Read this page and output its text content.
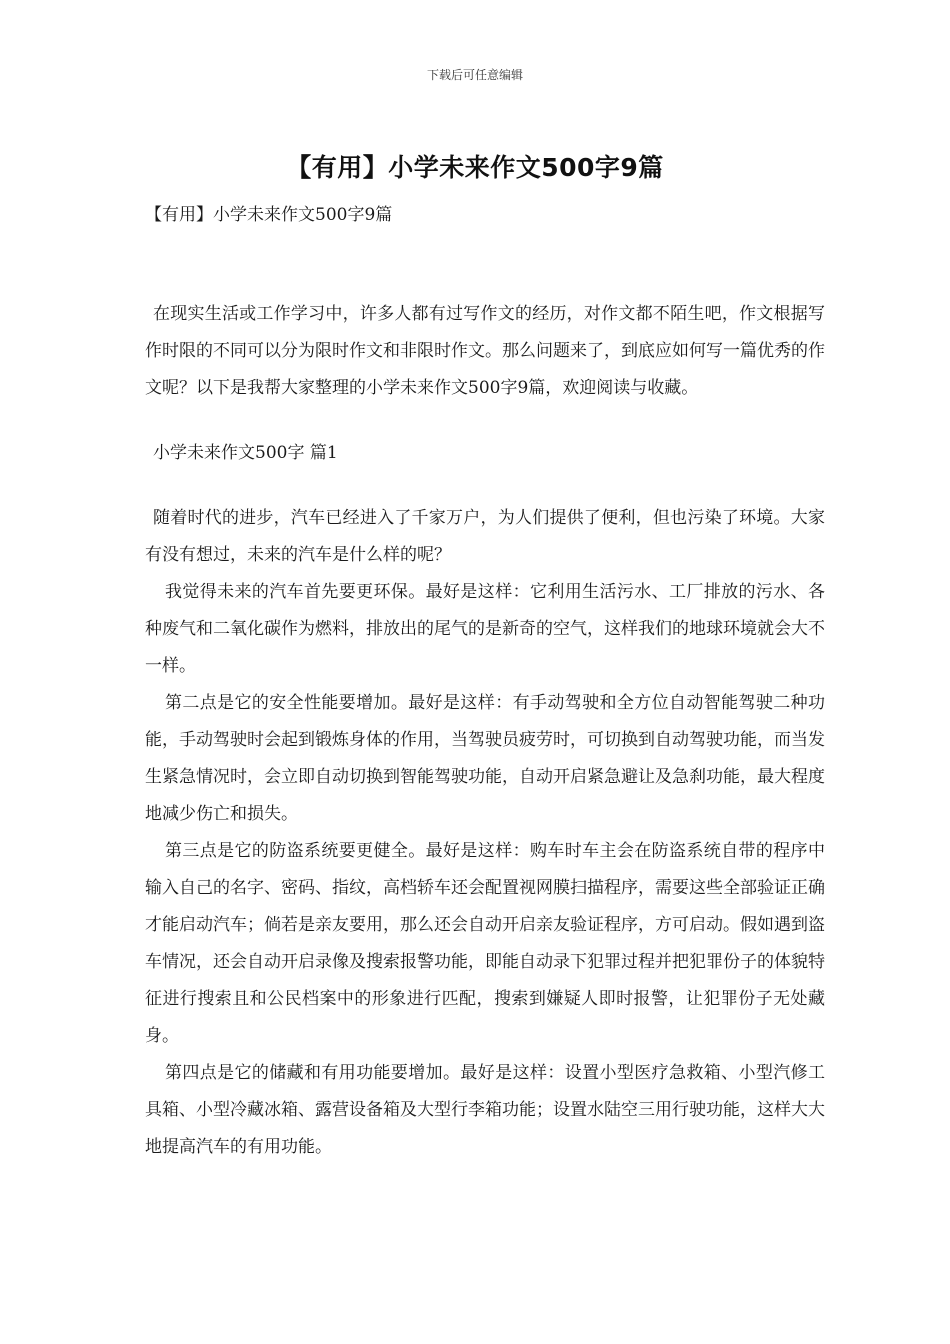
下载后可任意编辑
【有用】小学未来作文500字9篇
【有用】小学未来作文500字9篇

在现实生活或工作学习中，许多人都有过写作文的经历，对作文都不陌生吧，作文根据写作时限的不同可以分为限时作文和非限时作文。那么问题来了，到底应如何写一篇优秀的作文呢？以下是我帮大家整理的小学未来作文500字9篇，欢迎阅读与收藏。

小学未来作文500字 篇1

随着时代的进步，汽车已经进入了千家万户，为人们提供了便利，但也污染了环境。大家有没有想过，未来的汽车是什么样的呢？

我觉得未来的汽车首先要更环保。最好是这样：它利用生活污水、工厂排放的污水、各种废气和二氧化碳作为燃料，排放出的尾气的是新奇的空气，这样我们的地球环境就会大不一样。

第二点是它的安全性能要增加。最好是这样：有手动驾驶和全方位自动智能驾驶二种功能，手动驾驶时会起到锻炼身体的作用，当驾驶员疲劳时，可切换到自动驾驶功能，而当发生紧急情况时，会立即自动切换到智能驾驶功能，自动开启紧急避让及急刹功能，最大程度地减少伤亡和损失。

第三点是它的防盗系统要更健全。最好是这样：购车时车主会在防盗系统自带的程序中输入自己的名字、密码、指纹，高档轿车还会配置视网膜扫描程序，需要这些全部验证正确才能启动汽车；倘若是亲友要用，那么还会自动开启亲友验证程序，方可启动。假如遇到盗车情况，还会自动开启录像及搜索报警功能，即能自动录下犯罪过程并把犯罪份子的体貌特征进行搜索且和公民档案中的形象进行匹配，搜索到嫌疑人即时报警，让犯罪份子无处藏身。

第四点是它的储藏和有用功能要增加。最好是这样：设置小型医疗急救箱、小型汽修工具箱、小型冷藏冰箱、露营设备箱及大型行李箱功能；设置水陆空三用行驶功能，这样大大地提高汽车的有用功能。
